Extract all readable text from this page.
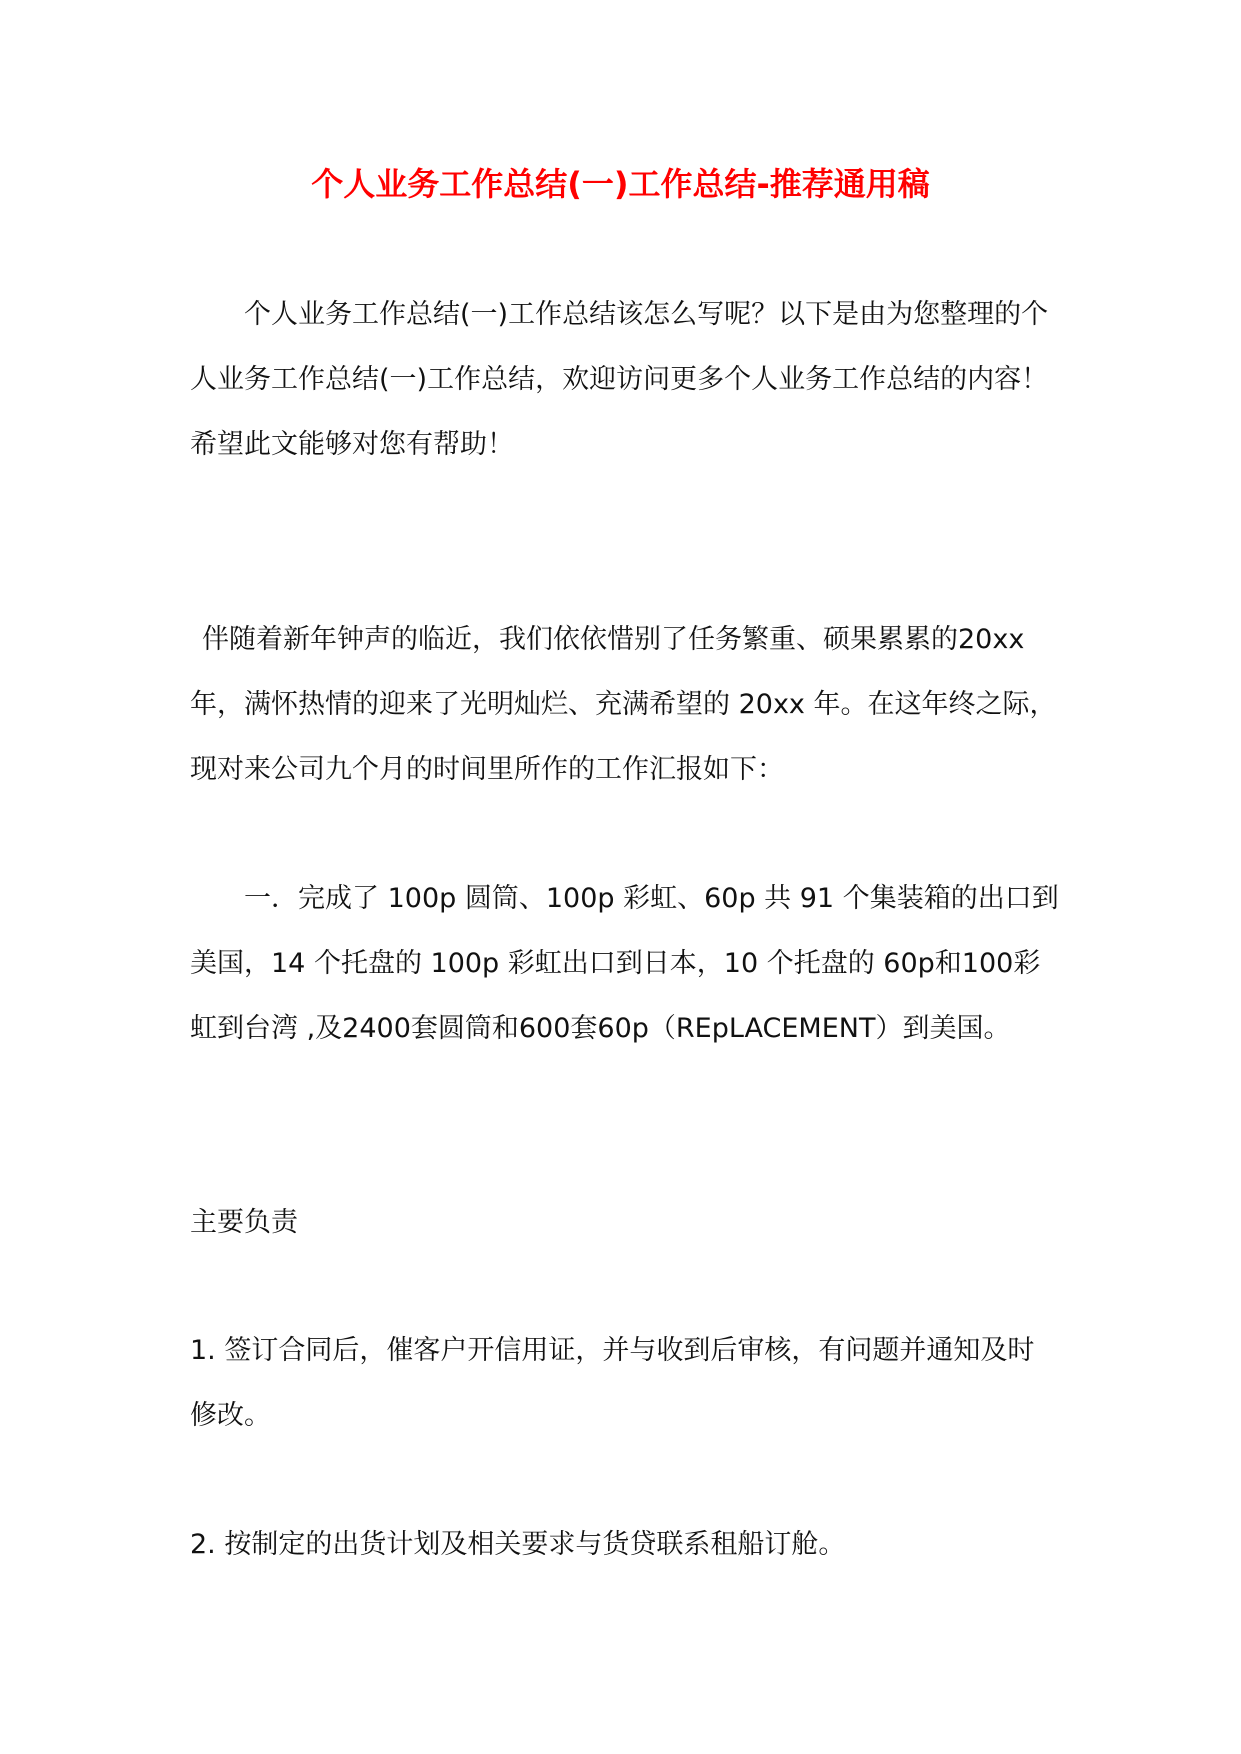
个人业务工作总结(一)工作总结-推荐通用稿

个人业务工作总结(一)工作总结该怎么写呢？以下是由为您整理的个人业务工作总结(一)工作总结，欢迎访问更多个人业务工作总结的内容！希望此文能够对您有帮助！

伴随着新年钟声的临近，我们依依惜别了任务繁重、硕果累累的20xx 年，满怀热情的迎来了光明灿烂、充满希望的 20xx 年。在这年终之际，现对来公司九个月的时间里所作的工作汇报如下：

一．完成了 100p 圆筒、100p 彩虹、60p 共 91 个集装箱的出口到美国，14 个托盘的 100p 彩虹出口到日本，10 个托盘的 60p和100彩虹到台湾 ,及2400套圆筒和600套60p（REpLACEMENT）到美国。

主要负责

1. 签订合同后，催客户开信用证，并与收到后审核，有问题并通知及时修改。

2. 按制定的出货计划及相关要求与货贷联系租船订舱。
